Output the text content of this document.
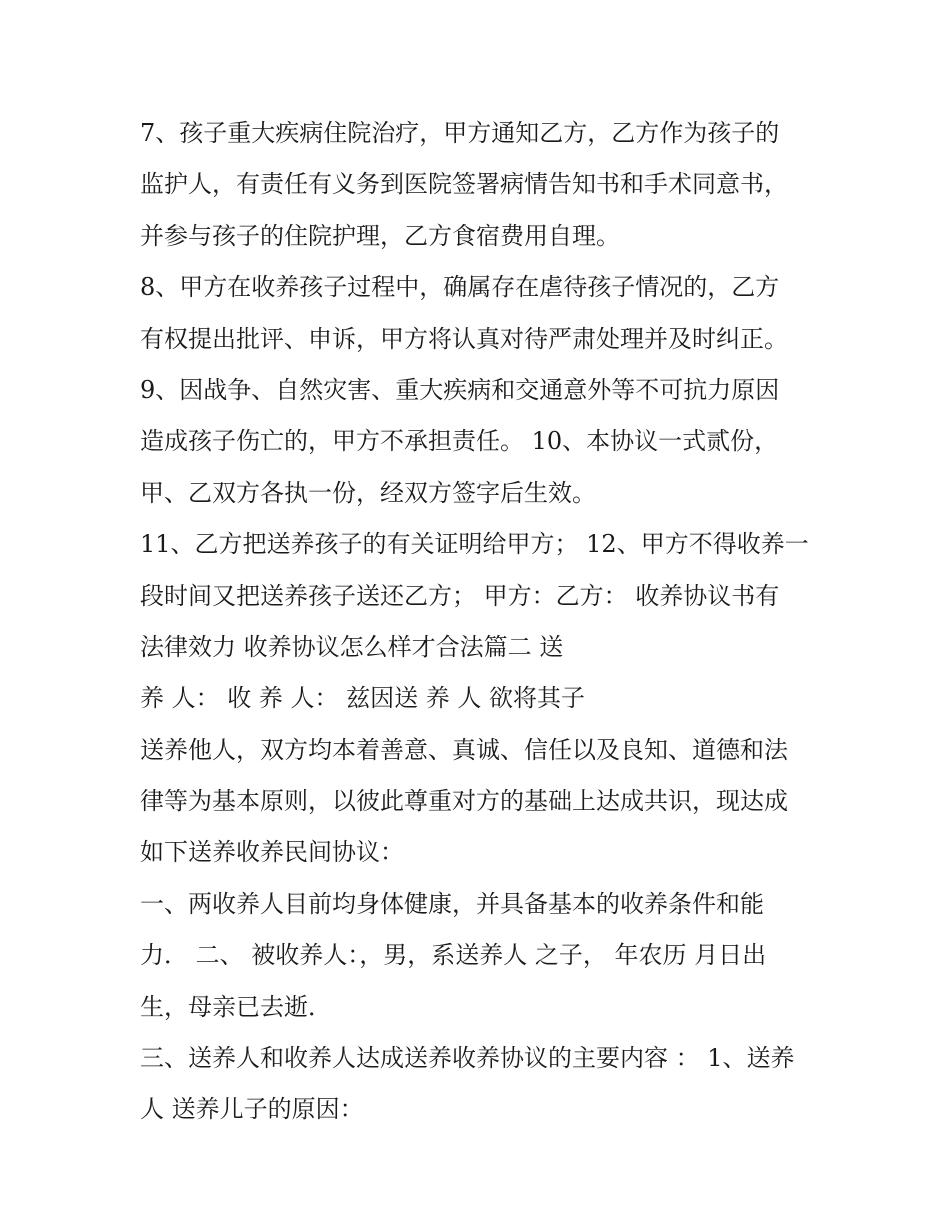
7、孩子重大疾病住院治疗，甲方通知乙方，乙方作为孩子的
监护人，有责任有义务到医院签署病情告知书和手术同意书，
并参与孩子的住院护理，乙方食宿费用自理。
8、甲方在收养孩子过程中，确属存在虐待孩子情况的，乙方
有权提出批评、申诉，甲方将认真对待严肃处理并及时纠正。
9、因战争、自然灾害、重大疾病和交通意外等不可抗力原因
造成孩子伤亡的，甲方不承担责任。 10、本协议一式贰份，
甲、乙双方各执一份，经双方签字后生效。
11、乙方把送养孩子的有关证明给甲方； 12、甲方不得收养一
段时间又把送养孩子送还乙方； 甲方：乙方： 收养协议书有
法律效力 收养协议怎么样才合法篇二 送
养 人： 收 养 人： 兹因送 养 人 欲将其子
送养他人，双方均本着善意、真诚、信任以及良知、道德和法
律等为基本原则，以彼此尊重对方的基础上达成共识，现达成
如下送养收养民间协议：
一、两收养人目前均身体健康，并具备基本的收养条件和能
力． 二、 被收养人：，男，系送养人 之子， 年农历 月日出
生，母亲已去逝．
三、送养人和收养人达成送养收养协议的主要内容 ： 1、送养
人 送养儿子的原因：
